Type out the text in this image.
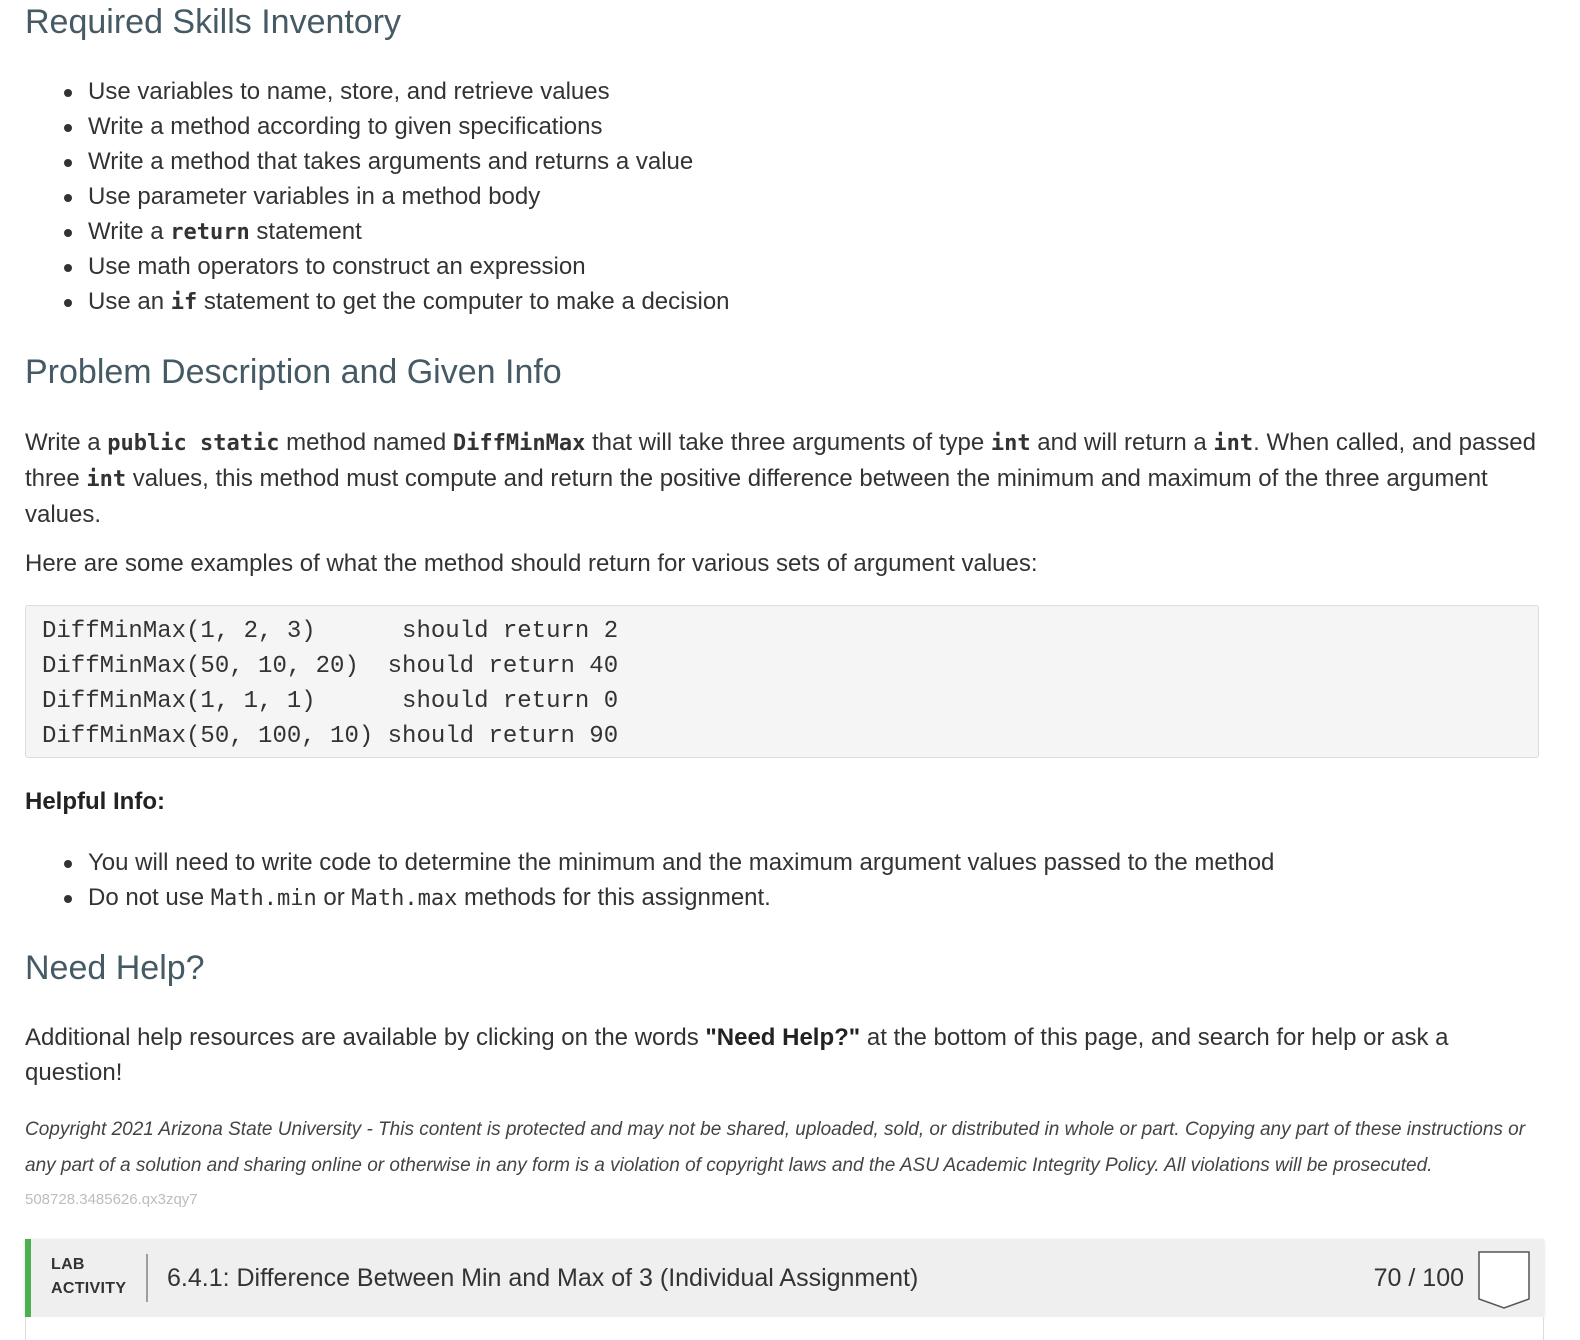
Required Skills Inventory
Use variables to name, store, and retrieve values
Write a method according to given specifications
Write a method that takes arguments and returns a value
Use parameter variables in a method body
Write a return statement
Use math operators to construct an expression
Use an if statement to get the computer to make a decision
Problem Description and Given Info

Write a public static method named DiffMinMax that will take three arguments of type int and will return a int. When called, and passed three int values, this method must compute and return the positive difference between the minimum and maximum of the three argument values.

Here are some examples of what the method should return for various sets of argument values:

DiffMinMax(1, 2, 3)      should return 2
DiffMinMax(50, 10, 20)  should return 40
DiffMinMax(1, 1, 1)      should return 0
DiffMinMax(50, 100, 10) should return 90
Helpful Info:
You will need to write code to determine the minimum and the maximum argument values passed to the method
Do not use Math.min or Math.max methods for this assignment.
Need Help?

Additional help resources are available by clicking on the words "Need Help?" at the bottom of this page, and search for help or ask a question!

Copyright 2021 Arizona State University - This content is protected and may not be shared, uploaded, sold, or distributed in whole or part. Copying any part of these instructions or any part of a solution and sharing online or otherwise in any form is a violation of copyright laws and the ASU Academic Integrity Policy. All violations will be prosecuted.
508728.3485626.qx3zqy7
LAB
ACTIVITY 6.4.1: Difference Between Min and Max of 3 (Individual Assignment)	70 / 100
